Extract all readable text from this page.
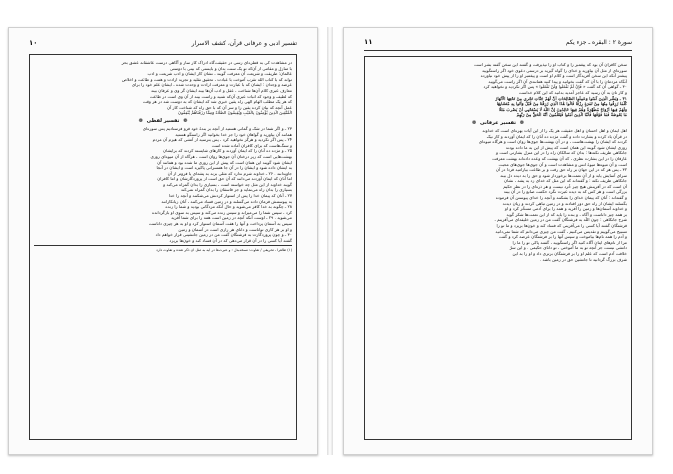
تفسیر ادبی و عرفانی قرآن، کشف الاسرار
١٠
در مشاهدت کی به قطره‌ای رسی در حقیقت‌گاه ادراک کار ساز و آگاهی درست عاشقانه عشق بحر
با منازل و مقامی از آن‌که تو یک سنت بدان و بایستی که بیتی با دوستی
عالمان: طریقت و شریعت آن معرفت گویند ، نشان کار ایشان و ادب شریعت و ادب
تواند که با کتاب الله تقرب آموخت با عبادت ، تحقیق تقلید و تجرید ارادت و همت و طاعت و اخلاص
عرضه و وجدان : ایشان که با عبارت و معرفت ارادت و وحدت شده ، ایشان علم خود را برای
معارف عبری کلام آن‌ها شناخت ، عقل و ادب آن‌ها بیند ایشان گر وی و عرفان بیند
که لطیف و وجود که اثبات عبری آن‌که شنید و راست بیند از آن وی است در طاعت
که هر یک مطلب الهام الهی راه یقین خبری شد که ایشان که به دوست شد در هر وقت
عمل آنچه که بیان کرده یقین را و سر آن که با حق راه که شناخت کار آن
الْمُتَّقِينَ الَّذِينَ يُؤْمِنُونَ بِالْغَيْبِ وَيُقِيمُونَ الصَّلَاةَ وَمِمَّا رَزَقْنَاهُمْ يُنْفِقُونَ
❁ تفسیر لفظی ❁
۲۳ ـ و اگر شما در شک و گمانی هستید از آنچه بر بندهٔ خود فرو فرستادیم پس سوره‌ای
همانند آن بیاورید و گواهان خود را جز خدا بخوانید اگر راستگو هستید
۲۴ ـ پس اگر نکردید و هرگز نخواهید کرد ، پس بترسید از آتشی که هیزم آن مردم
و سنگ‌هاست که برای کافران آماده شده است
۲۵ ـ و مژده ده آنان را که ایمان آوردند و کارهای شایسته کردند که برایشان
بهشت‌هایی است که زیر درختان آن جوی‌ها روان است ، هرگاه از آن میوه‌ای روزی
ایشان شود گویند این همان است که پیش از این روزی ما شده بود و همانند آن
به ایشان داده شود و ایشان را در آن جا همسرانی پاکیزه است و ایشان در آنجا
جاویدانند . ۲۶ ـ خداوند شرم ندارد که مثلی بزند به پشه‌ای یا فروتر از آن
اما آنان که ایمان آوردند می‌دانند که آن حق است از پروردگارشان و اما کافران
گویند خداوند از این مثل چه خواسته است ، بسیاری را بدان گمراه می‌کند و
بسیاری را بدان راه می‌نماید و جز فاسقان را بدان گمراه نمی‌کند
۲۷ ـ آنان که پیمان خدا را پس از استوار کردنش می‌شکنند و آنچه را خدا
به پیوستنش فرمان داده می‌گسلند و در زمین فساد می‌کنند ، آنان زیانکارانند
۲۸ ـ چگونه به خدا کافر می‌شوید و حال آنکه مردگانی بودید و شما را زنده
کرد ، سپس شما را می‌میراند و سپس زنده می‌کند و سپس به سوی او بازگردانده
می‌شوید . ۲۹ ـ اوست آنکه آنچه در زمین است همه را برای شما آفرید
سپس به آسمان پرداخت و آنها را هفت آسمان استوار کرد و او به هر چیزی داناست
و او بر هر کاری تواناست و دانای هر رازی است در آسمان و زمین
۳۰ ـ و چون پروردگارت به فرشتگان گفت من در زمین جانشینی قرار خواهم داد
گفتند آیا کسی را در آن قرار می‌دهی که در آن فساد کند و خون‌ها بریزد
(۱) ظاهراً ، تحریفی / تفاوت: نسخه‌بدل : و عبرت‌ها در آیه به مثل آن ذکر شده و تفاوت دارد
سورهٔ ۲ : البقره ـ جزء یکم
١١
سخن کافران آن بود که پیغمبر را و کتاب او را نپذیرفت و گفتند این سخن گفته بشر است
سوره‌ای از مثل آن بیاورید و خدای را گواه گیرید بر درستی دعوی خود اگر راستگویید
پیشتر آنکه این سخن آفریدگار است و کلام او است و پیغمبر او را از پیش خود نیاورده
آنگاه مردمان را با آن که گفت بخوانید و پیدا کنید همانندی آن اگر راست می‌گویید
۳۰ ـ گواهی آن که گفت « فَإِنْ لَمْ تَفْعَلُوا وَلَنْ تَفْعَلُوا » پس اگر نکردید و نخواهید کرد
و کار تان به آن رسید که عاجز آمدید بدانید که این کلام خداست
۳۱ ـ وَبَشِّرِ الَّذِينَ آمَنُوا وَعَمِلُوا الصَّالِحَاتِ أَنَّ لَهُمْ جَنَّاتٍ تَجْرِي مِنْ تَحْتِهَا الْأَنْهَارُ
كُلَّمَا رُزِقُوا مِنْهَا مِنْ ثَمَرَةٍ رِزْقًا قَالُوا هَٰذَا الَّذِي رُزِقْنَا مِنْ قَبْلُ وَأُتُوا بِهِ مُتَشَابِهًا
وَلَهُمْ فِيهَا أَزْوَاجٌ مُطَهَّرَةٌ وَهُمْ فِيهَا خَالِدُونَ إِنَّ اللَّهَ لَا يَسْتَحْيِي أَنْ يَضْرِبَ مَثَلًا
مَا بَعُوضَةً فَمَا فَوْقَهَا فَأَمَّا الَّذِينَ آمَنُوا فَيَعْلَمُونَ أَنَّهُ الْحَقُّ مِنْ رَبِّهِمْ
❁ تفسیر عرفانی ❁
اهل ایمان و اهل احسان و اهل حقیقت هر یک را از این آیات بهره‌ای است که خداوند
در قرآن یاد کرده و بشارت داده و گفت مژده ده آنان را که ایمان آوردند و کار نیک
کردند که ایشان را بهشت‌هاست ، و در آن بهشت‌ها جوی‌ها روان است و هرگاه میوه‌ای
روزی ایشان شود گویند این همان است که پیش از این به ما داده بودند
جانکاهی ظریف نکته‌ها : بدان که سالکان راه را در این منزل بشارتی است و
عارفان را در این بشارت نظری ، که آن بهشت که وعده داده‌اند بهشت معرفت
است و آن میوه‌ها میوهٔ انس و مشاهدت است و آن جوی‌ها جوی‌های محبت
۳۲ ـ پس هر که در این جهان بر راه حق رفت و بر طاعت بیارامید فردا در آن
سرای آسایش یابد و از آن نعمت‌ها برخوردار شود و حق را به دیده دل بیند
جانکاهی ظریف نکته : و گفته‌اند که این مثل که خدای زد به پشه ، نشان
آن است که در آفرینش هیچ چیز خُرد نیست و هر ذره‌ای را در نظر حکیم
بزرگی است و هر کس که به دیده عبرت نگرد حکمت صانع را در آن بیند
و گفته‌اند : آنان که پیمان خدای را بشکنند و آنچه را خدای پیوستن آن فرموده
بگسلند ایشان از راه حق دور افتادند و در زمین تباهی کردند و زیان دیدند
و خداوند آسمان‌ها و زمین را آفرید و همه را برای آدمی مسخّر کرد و او
بر همه چیز داناست و آگاه ، و بنده را باید که از این نعمت‌ها شکر گوید
شرح جانکاهی : چون اللّٰه به فرشتگان گفت من در زمین خلیفه‌ای می‌آفرینم ،
فرشتگان گفتند آیا کسی را می‌آفرینی که فساد کند و خون‌ها بریزد و ما تو را
تسبیح می‌گوییم و تقدیس می‌کنیم ، گفت من چیزی می‌دانم که شما نمی‌دانید
و آدم را همه نام‌ها بیاموخت و سپس آنها را بر فرشتگان عرضه کرد و گفت
مرا از نام‌های اینان آگاه کنید اگر راستگویید ، گفتند پاکی تو را ما را
دانشی نیست جز آنچه تو به ما آموختی ، تو دانای حکیمی . و این سرّ
خلافت آدم است که علم او را بر فرشتگان برتری داد و او را به این
شرف بزرگ گردانید تا جانشین حق در زمین باشد .
